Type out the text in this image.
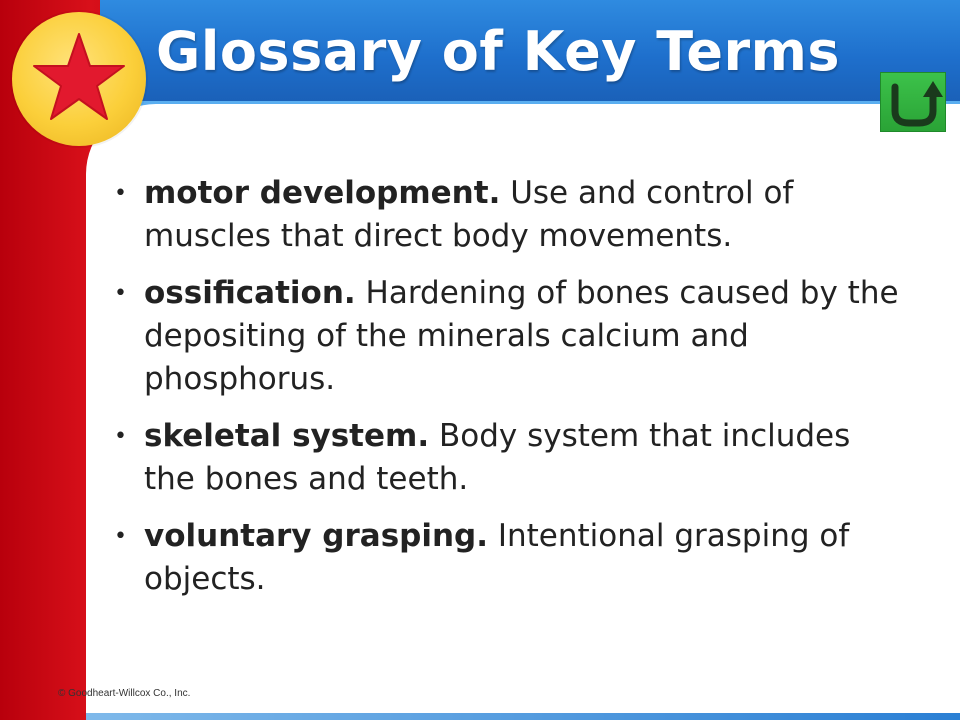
Glossary of Key Terms
• motor development. Use and control of muscles that direct body movements.
• ossification. Hardening of bones caused by the depositing of the minerals calcium and phosphorus.
• skeletal system. Body system that includes the bones and teeth.
• voluntary grasping. Intentional grasping of objects.
© Goodheart-Willcox Co., Inc.
